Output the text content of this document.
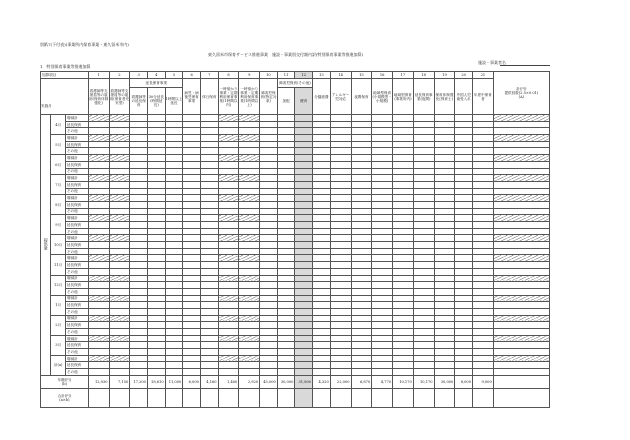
別紙7(下付表)(事業所内保育事業・東久留米市内)
東久留米市保育サービス推進事業　施設・事業別交付額内訳(特別保育事業等推進加算)
施設・事業者名
1　特別保育事業等推進加算
加算項目			1	2	3	4	5	6	7	8	9	10	11	12	13	14	15	16	17	18	19	20	21	計(円)
提供回数(2.5×0.01)
(A)

実施月			看護師等支援員等の雇用(保育体制強化)	看護師等支援員等の雇用(保育者充実型)	延長保育事業			病児・病後児保育事業	休日保育	一時預かり事業・定期利用保育事業(1時間以内)	一時預かり事業・定期利用保育事業(1時間以上)	障害児保育(特定対象)	障害児保育(その他)		分園経費	アレルギー児対応	夜間保育	地域型保育(小規模型・小規模)	地域型保育(事業所内)	延長保育事業(夜間)	保育体制強化(保育士)	外国人児童受入れ	年度中保育者	
					看護師等の延長保育	30分延長(時間延長)	1時間以上延長						加配	療育										
提供量	4月	増減計																						
		延長保育																						
		その他																						
	5月	増減計																						
		延長保育																						
		その他																						
	6月	増減計																						
		延長保育																						
		その他																						
	7月	増減計																						
		延長保育																						
		その他																						
	8月	増減計																						
		延長保育																						
		その他																						
	9月	増減計																						
		延長保育																						
		その他																						
	10月	増減計																						
		延長保育																						
		その他																						
	11月	増減計																						
		延長保育																						
		その他																						
	12月	増減計																						
		延長保育																						
		その他																						
	1月	増減計																						
		延長保育																						
		その他																						
	2月	増減計																						
		延長保育																						
		その他																						
	3月	増減計																						
		延長保育																						
		その他																						
	計(a)	増減計																						
		延長保育																						
		その他																						
年額(円)
(b)			12,930	7,150	17,200	18,610	11,000	6,000	4,160	1,400	2,920	45,000	30,000	31,800	4,320	22,000	6,870	4,770	10,170	10,170	30,000	8,000	9,000	
合計(円)
(a×b)																								
